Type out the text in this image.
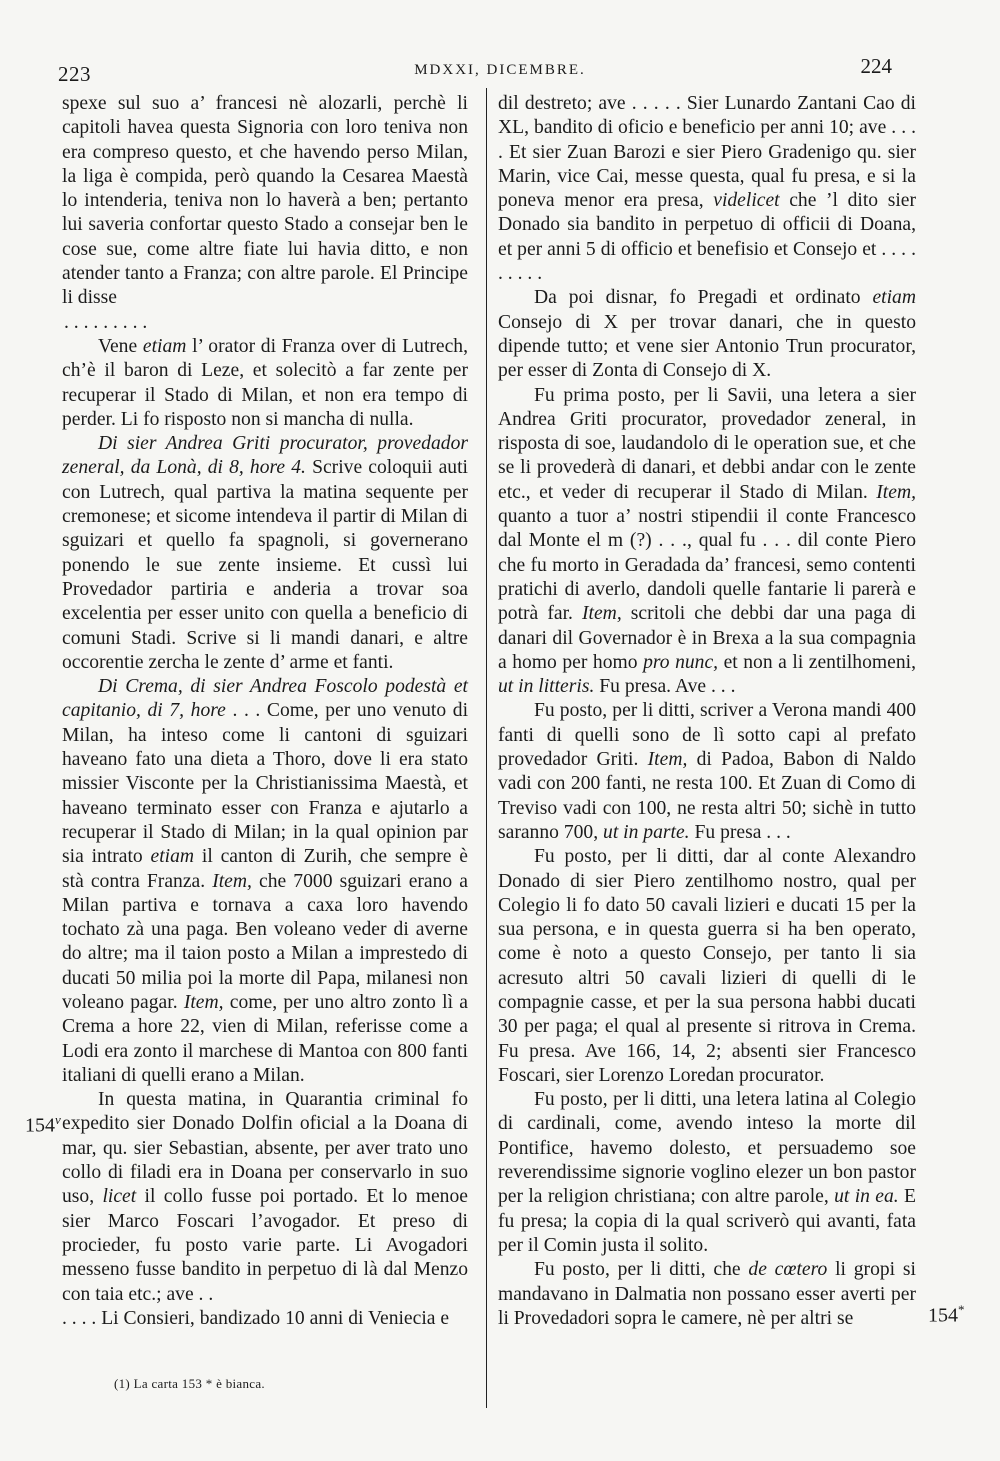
223	MDXXI, DICEMBRE.	224

spexe sul suo a’ francesi nè alozarli, perchè li capitoli havea questa Signoria con loro teniva non era compreso questo, et che havendo perso Milan, la liga è compida, però quando la Cesarea Maestà lo intenderia, teniva non lo haverà a ben; pertanto lui saveria confortar questo Stado a consejar ben le cose sue, come altre fiate lui havia ditto, e non atender tanto a Franza; con altre parole. El Principe li disse

. . . . . . . . .

Vene etiam l’ orator di Franza over di Lutrech, ch’è il baron di Leze, et solecitò a far zente per recuperar il Stado di Milan, et non era tempo di perder. Li fo risposto non si mancha di nulla.

Di sier Andrea Griti procurator, provedador zeneral, da Lonà, di 8, hore 4. Scrive coloquii auti con Lutrech, qual partiva la matina sequente per cremonese; et sicome intendeva il partir di Milan di sguizari et quello fa spagnoli, si governerano ponendo le sue zente insieme. Et cussì lui Provedador partiria e anderia a trovar soa excelentia per esser unito con quella a beneficio di comuni Stadi. Scrive si li mandi danari, e altre occorentie zercha le zente d’ arme et fanti.

Di Crema, di sier Andrea Foscolo podestà et capitanio, di 7, hore . . . Come, per uno venuto di Milan, ha inteso come li cantoni di sguizari haveano fato una dieta a Thoro, dove li era stato missier Visconte per la Christianissima Maestà, et haveano terminato esser con Franza e ajutarlo a recuperar il Stado di Milan; in la qual opinion par sia intrato etiam il canton di Zurih, che sempre è stà contra Franza. Item, che 7000 sguizari erano a Milan partiva e tornava a caxa loro havendo tochato zà una paga. Ben voleano veder di averne do altre; ma il taion posto a Milan a imprestedo di ducati 50 milia poi la morte dil Papa, milanesi non voleano pagar. Item, come, per uno altro zonto lì a Crema a hore 22, vien di Milan, referisse come a Lodi era zonto il marchese di Mantoa con 800 fanti italiani di quelli erano a Milan.

In questa matina, in Quarantia criminal fo expedito sier Donado Dolfin oficial a la Doana di mar, qu. sier Sebastian, absente, per aver trato uno collo di filadi era in Doana per conservarlo in suo uso, licet il collo fusse poi portado. Et lo menoe sier Marco Foscari l’avogador. Et preso di procieder, fu posto varie parte. Li Avogadori messeno fusse bandito in perpetuo di là dal Menzo con taia etc.; ave . .

. . . . Li Consieri, bandizado 10 anni di Veniecia e

dil destreto; ave . . . . . Sier Lunardo Zantani Cao di XL, bandito di oficio e beneficio per anni 10; ave . . . . Et sier Zuan Barozi e sier Piero Gradenigo qu. sier Marin, vice Cai, messe questa, qual fu presa, e si la poneva menor era presa, videlicet che ’l dito sier Donado sia bandito in perpetuo di officii di Doana, et per anni 5 di officio et benefisio et Consejo et . . . . . . . . .

Da poi disnar, fo Pregadi et ordinato etiam Consejo di X per trovar danari, che in questo dipende tutto; et vene sier Antonio Trun procurator, per esser di Zonta di Consejo di X.

Fu prima posto, per li Savii, una letera a sier Andrea Griti procurator, provedador zeneral, in risposta di soe, laudandolo di le operation sue, et che se li proveder​à di danari, et debbi andar con le zente etc., et veder di recuperar il Stado di Milan. Item, quanto a tuor a’ nostri stipendii il conte Francesco dal Monte el m (?) . . ., qual fu . . . dil conte Piero che fu morto in Geradada da’ francesi, semo contenti pratichi di averlo, dandoli quelle fantarie li parerà e potrà far. Item, scritoli che debbi dar una paga di danari dil Governador è in Brexa a la sua compagnia a homo per homo pro nunc, et non a li zentilhomeni, ut in litteris. Fu presa. Ave . . .

Fu posto, per li ditti, scriver a Verona mandi 400 fanti di quelli sono de lì sotto capi al prefato provedador Griti. Item, di Padoa, Babon di Naldo vadi con 200 fanti, ne resta 100. Et Zuan di Como di Treviso vadi con 100, ne resta altri 50; sichè in tutto saranno 700, ut in parte. Fu presa . . .

Fu posto, per li ditti, dar al conte Alexandro Donado di sier Piero zentilhomo nostro, qual per Colegio li fo dato 50 cavali lizieri e ducati 15 per la sua persona, e in questa guerra si ha ben operato, come è noto a questo Consejo, per tanto li sia acresuto altri 50 cavali lizieri di quelli di le compagnie casse, et per la sua persona habbi ducati 30 per paga; el qual al presente si ritrova in Crema. Fu presa. Ave 166, 14, 2; absenti sier Francesco Foscari, sier Lorenzo Loredan procurator.

Fu posto, per li ditti, una letera latina al Colegio di cardinali, come, avendo inteso la morte dil Pontifice, havemo dolesto, et persuademo soe reverendissime signorie voglino elezer un bon pastor per la religion christiana; con altre parole, ut in ea. E fu presa; la copia di la qual scriverò qui avanti, fata per il Comin justa il solito.

Fu posto, per li ditti, che de cœtero li gropi si mandavano in Dalmatia non possano esser averti per li Provedadori sopra le camere, nè per altri se

154$^v$
154*
(1) La carta 153 * è bianca.
